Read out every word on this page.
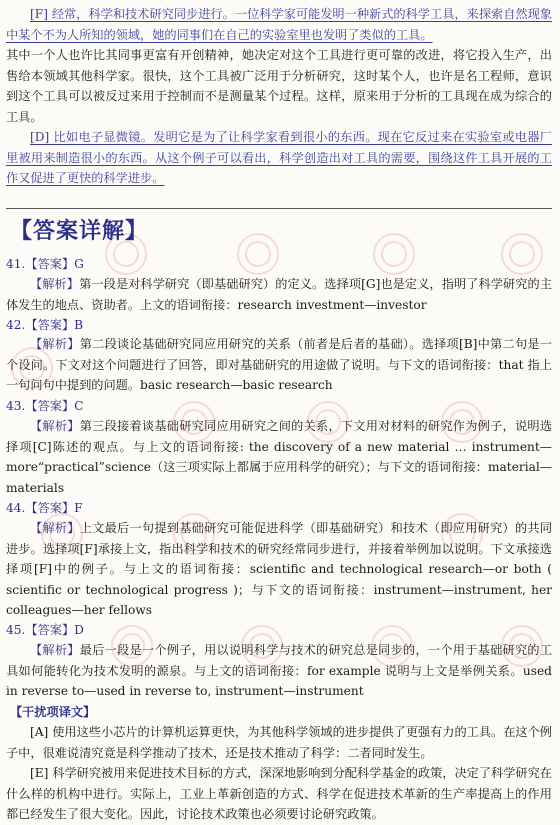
[F] 经常，科学和技术研究同步进行。一位科学家可能发明一种新式的科学工具，来探索自然现象中某个不为人所知的领域，她的同事们在自己的实验室里也发明了类似的工具。

其中一个人也许比其同事更富有开创精神，她决定对这个工具进行更可靠的改进，将它投入生产，出售给本领域其他科学家。很快，这个工具被广泛用于分析研究，这时某个人，也许是名工程师，意识到这个工具可以被反过来用于控制而不是测量某个过程。这样，原来用于分析的工具现在成为综合的工具。

[D] 比如电子显微镜。发明它是为了让科学家看到很小的东西。现在它反过来在实验室或电器厂里被用来制造很小的东西。从这个例子可以看出，科学创造出对工具的需要，围绕这件工具开展的工作又促进了更快的科学进步。

【答案详解】
41.【答案】G

【解析】第一段是对科学研究（即基础研究）的定义。选择项[G]也是定义，指明了科学研究的主体发生的地点、资助者。上文的语词衔接：research investment—investor

42.【答案】B

【解析】第二段谈论基础研究同应用研究的关系（前者是后者的基础）。选择项[B]中第二句是一个设问。下文对这个问题进行了回答，即对基础研究的用途做了说明。与下文的语词衔接：that 指上一句问句中提到的问题。basic research—basic research

43.【答案】C

【解析】第三段接着谈基础研究同应用研究之间的关系，下文用对材料的研究作为例子，说明选择项[C]陈述的观点。与上文的语词衔接: the discovery of a new material … instrument—more“practical”science（这三项实际上都属于应用科学的研究）；与下文的语词衔接：material—materials

44.【答案】F

【解析】上文最后一句提到基础研究可能促进科学（即基础研究）和技术（即应用研究）的共同进步。选择项[F]承接上文，指出科学和技术的研究经常同步进行，并接着举例加以说明。下文承接选择项[F]中的例子。与上文的语词衔接：scientific and technological research—or both ( scientific or technological progress )；与下文的语词衔接：instrument—instrument, her colleagues—her fellows

45.【答案】D

【解析】最后一段是一个例子，用以说明科学与技术的研究总是同步的，一个用于基础研究的工具如何能转化为技术发明的源泉。与上文的语词衔接：for example 说明与上文是举例关系。used in reverse to—used in reverse to, instrument—instrument

【干扰项译文】

[A] 使用这些小芯片的计算机运算更快，为其他科学领域的进步提供了更强有力的工具。在这个例子中，很难说清究竟是科学推动了技术，还是技术推动了科学：二者同时发生。

[E] 科学研究被用来促进技术目标的方式，深深地影响到分配科学基金的政策，决定了科学研究在什么样的机构中进行。实际上，工业上革新创造的方式、科学在促进技术革新的生产率提高上的作用都已经发生了很大变化。因此，讨论技术政策也必须要讨论研究政策。
